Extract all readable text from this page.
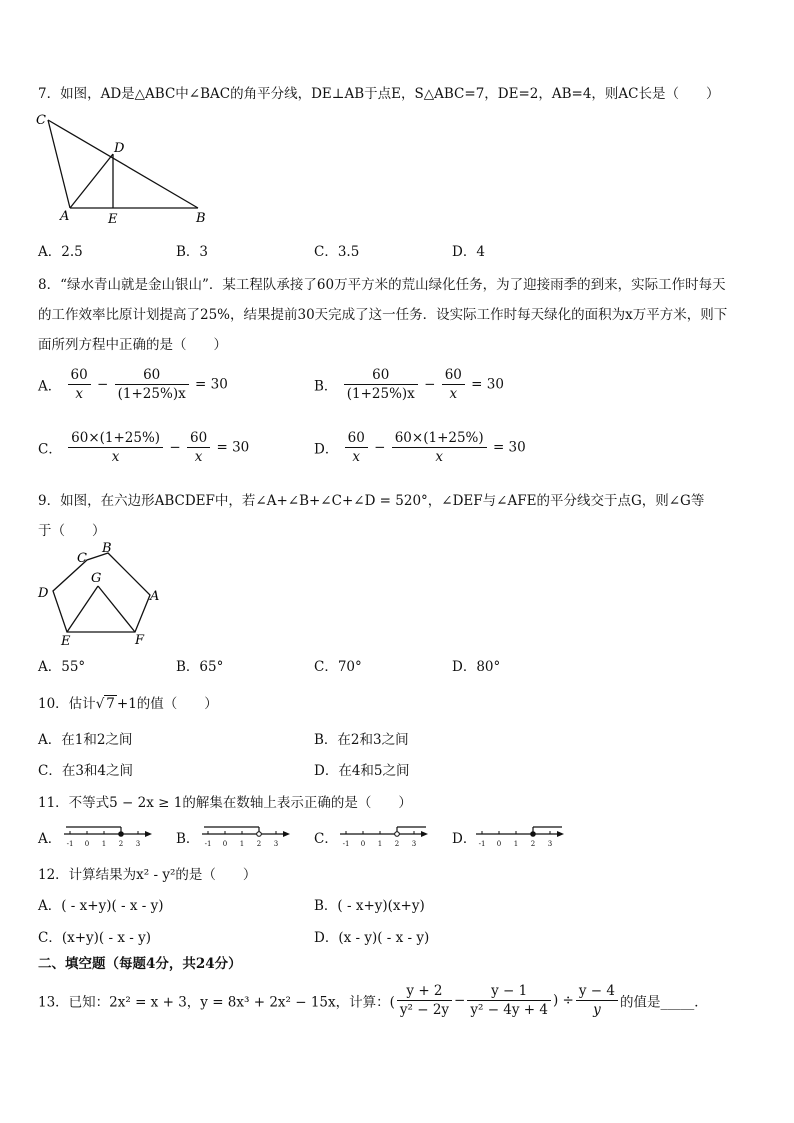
7．如图，AD是△ABC中∠BAC的角平分线，DE⊥AB于点E，S△ABC=7，DE=2，AB=4，则AC长是（　　）
C
D
A	E	B
A．2.5	B．3	C．3.5	D．4
8．“绿水青山就是金山银山”．某工程队承接了60万平方米的荒山绿化任务，为了迎接雨季的到来，实际工作时每天
的工作效率比原计划提高了25%，结果提前30天完成了这一任务．设实际工作时每天绿化的面积为x万平方米，则下
面所列方程中正确的是（　　）
A． $\frac{60}{x} - \frac{60}{(1+25\%)x} = 30$	B． $\frac{60}{(1+25\%)x} - \frac{60}{x} = 30$
C． $\frac{60\times(1+25\%)}{x} - \frac{60}{x} = 30$	D． $\frac{60}{x} - \frac{60\times(1+25\%)}{x} = 30$
9．如图，在六边形ABCDEF中，若∠A+∠B+∠C+∠D = 520°，∠DEF与∠AFE的平分线交于点G，则∠G等
于（　　）
A
B
C
D
E	F
G
A．55°	B．65°	C．70°	D．80°
10．估计√ 7 +1的值（　　）
A．在1和2之间	B．在2和3之间
C．在3和4之间	D．在4和5之间
11．不等式5 − 2x ≥ 1的解集在数轴上表示正确的是（　　）
A．	B．	C．	D．
-1 0 1 2 3	-1 0 1 2 3	-1 0 1 2 3	-1 0 1 2 3
12．计算结果为x² - y²的是（　　）
A．( - x+y)( - x - y)	B．( - x+y)(x+y)
C．(x+y)( - x - y)	D．(x - y)( - x - y)
二、填空题（每题4分，共24分）
13．已知：2x² = x + 3，y = 8x³ + 2x² − 15x，计算：( $\frac{y + 2}{\text{y² − 2y}} - \frac{y - 1}{\text{y² − 4y + 4}}$ ) ÷ $\frac{y - 4}{y}$ 的值是_____．
